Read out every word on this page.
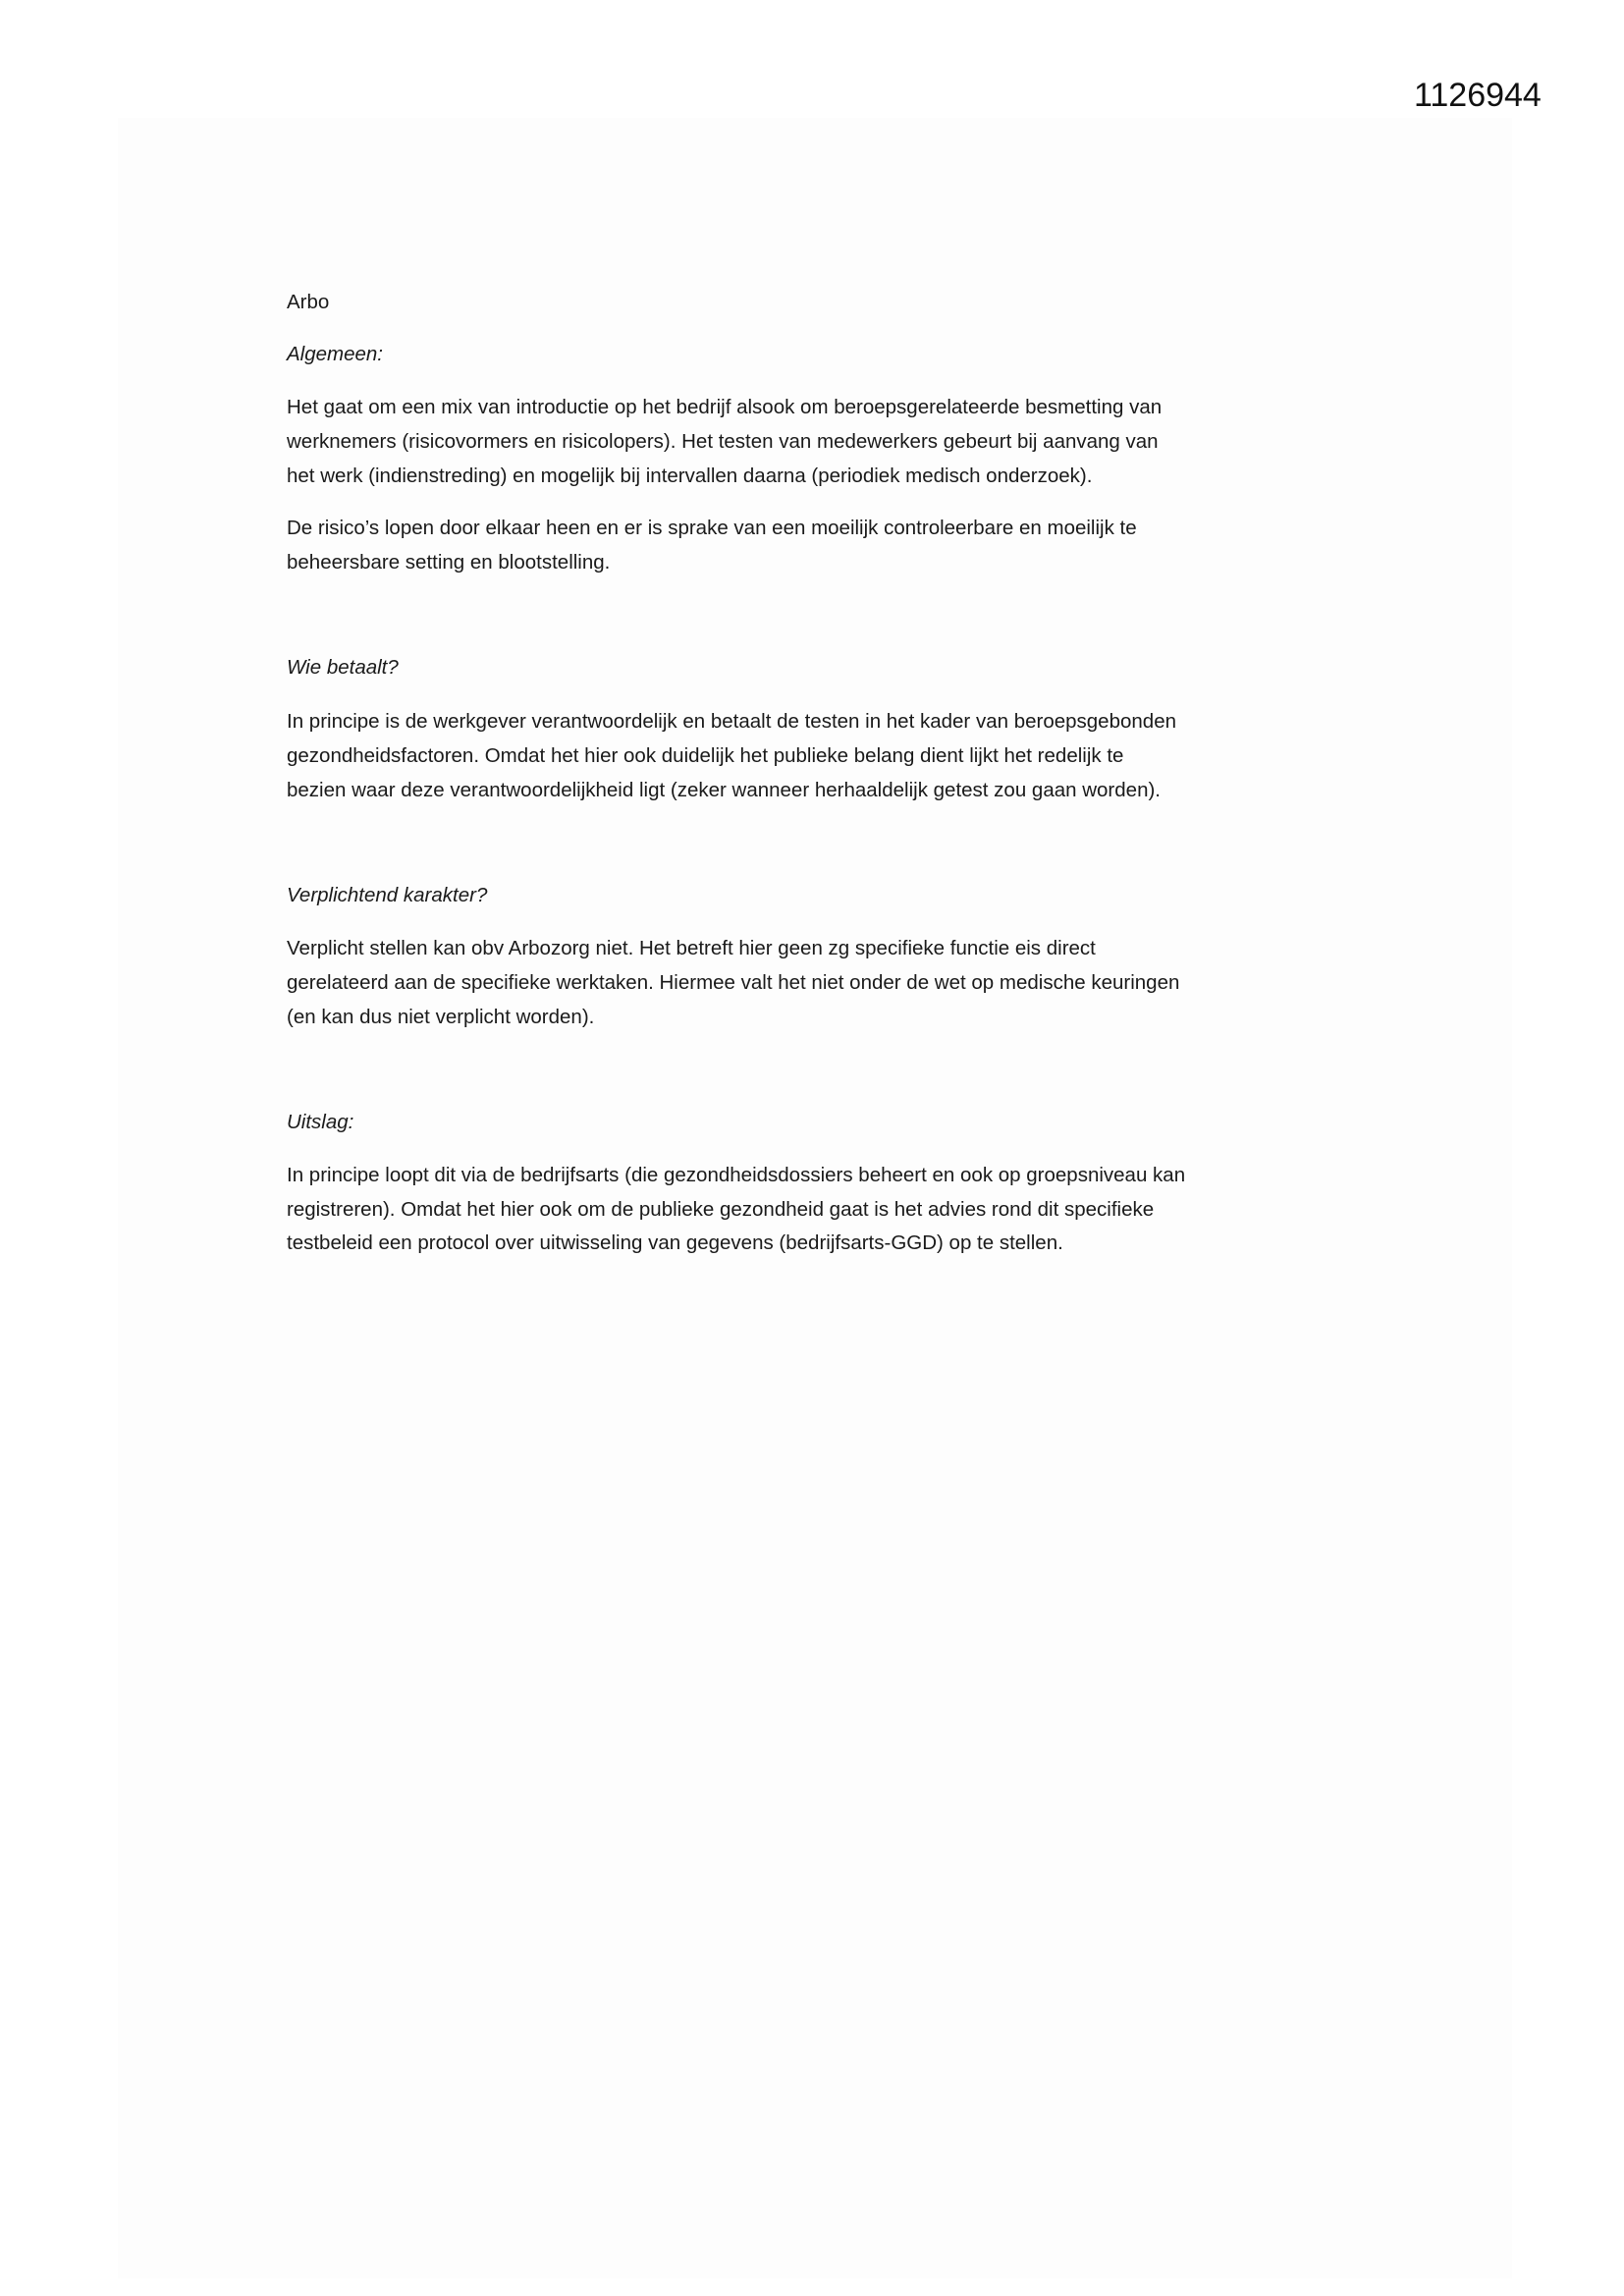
1126944
Arbo
Algemeen:
Het gaat om een mix van introductie op het bedrijf alsook om beroepsgerelateerde besmetting van
werknemers (risicovormers en risicolopers). Het testen van medewerkers gebeurt bij aanvang van
het werk (indienstreding) en mogelijk bij intervallen daarna (periodiek medisch onderzoek).
De risico’s lopen door elkaar heen en er is sprake van een moeilijk controleerbare en moeilijk te
beheersbare setting en blootstelling.
Wie betaalt?
In principe is de werkgever verantwoordelijk en betaalt de testen in het kader van beroepsgebonden
gezondheidsfactoren. Omdat het hier ook duidelijk het publieke belang dient lijkt het redelijk te
bezien waar deze verantwoordelijkheid ligt (zeker wanneer herhaaldelijk getest zou gaan worden).
Verplichtend karakter?
Verplicht stellen kan obv Arbozorg niet. Het betreft hier geen zg specifieke functie eis direct
gerelateerd aan de specifieke werktaken. Hiermee valt het niet onder de wet op medische keuringen
(en kan dus niet verplicht worden).
Uitslag:
In principe loopt dit via de bedrijfsarts (die gezondheidsdossiers beheert en ook op groepsniveau kan
registreren). Omdat het hier ook om de publieke gezondheid gaat is het advies rond dit specifieke
testbeleid een protocol over uitwisseling van gegevens (bedrijfsarts-GGD) op te stellen.
